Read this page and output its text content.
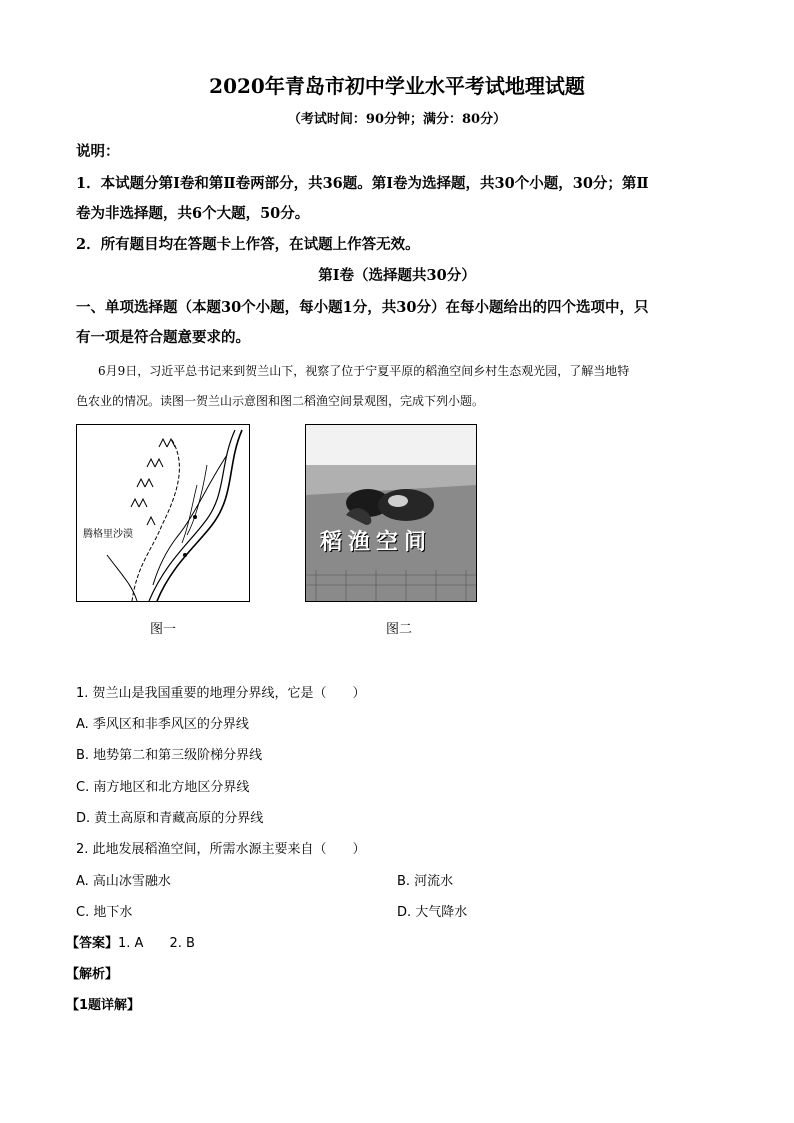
2020年青岛市初中学业水平考试地理试题
（考试时间：90分钟；满分：80分）
说明：
1．本试题分第Ⅰ卷和第Ⅱ卷两部分，共36题。第Ⅰ卷为选择题，共30个小题，30分；第Ⅱ
卷为非选择题，共6个大题，50分。
2．所有题目均在答题卡上作答，在试题上作答无效。
第Ⅰ卷（选择题共30分）
一、单项选择题（本题30个小题，每小题1分，共30分）在每小题给出的四个选项中，只
有一项是符合题意要求的。
6月9日，习近平总书记来到贺兰山下，视察了位于宁夏平原的稻渔空间乡村生态观光园，了解当地特
色农业的情况。读图一贺兰山示意图和图二稻渔空间景观图，完成下列小题。
腾格里沙漠	稻渔空间
图一	图二
1. 贺兰山是我国重要的地理分界线，它是（　　）
A. 季风区和非季风区的分界线
B. 地势第二和第三级阶梯分界线
C. 南方地区和北方地区分界线
D. 黄土高原和青藏高原的分界线
2. 此地发展稻渔空间，所需水源主要来自（　　）
A. 高山冰雪融水	B. 河流水
C. 地下水	D. 大气降水
【答案】1. A　　2. B
【解析】
【1题详解】
